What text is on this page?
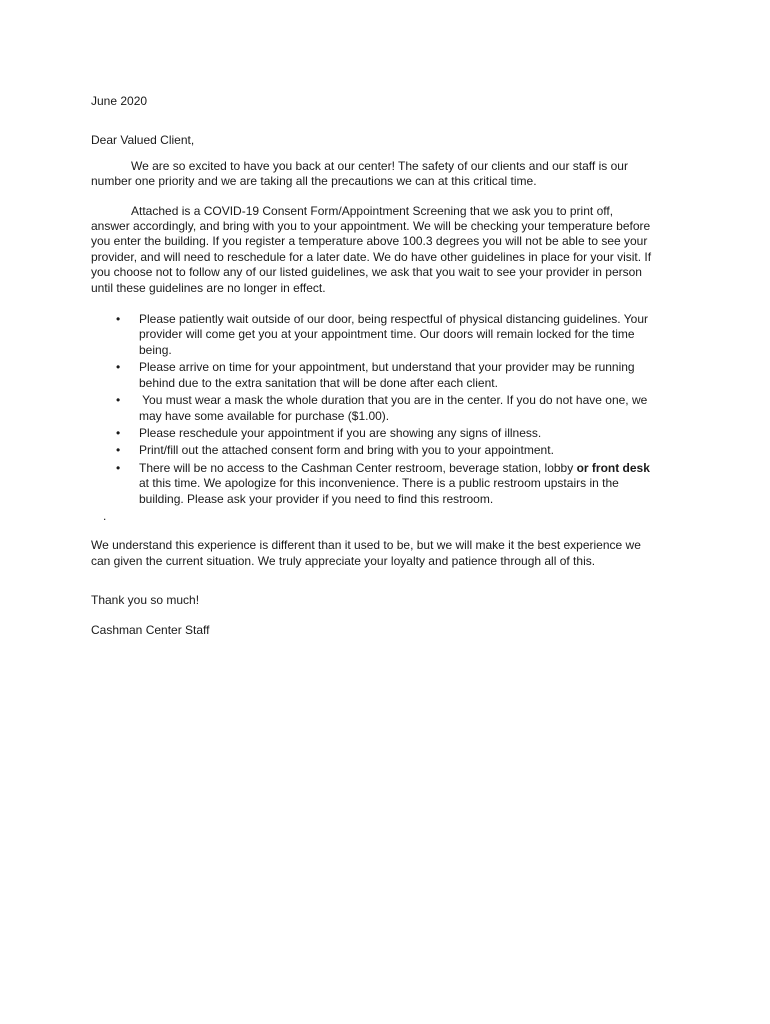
June 2020

Dear Valued Client,

We are so excited to have you back at our center! The safety of our clients and our staff is our
number one priority and we are taking all the precautions we can at this critical time.
Attached is a COVID-19 Consent Form/Appointment Screening that we ask you to print off,
answer accordingly, and bring with you to your appointment. We will be checking your temperature before
you enter the building. If you register a temperature above 100.3 degrees you will not be able to see your
provider, and will need to reschedule for a later date. We do have other guidelines in place for your visit. If
you choose not to follow any of our listed guidelines, we ask that you wait to see your provider in person
until these guidelines are no longer in effect.
• Please patiently wait outside of our door, being respectful of physical distancing guidelines. Your
provider will come get you at your appointment time. Our doors will remain locked for the time
being.
• Please arrive on time for your appointment, but understand that your provider may be running
behind due to the extra sanitation that will be done after each client.
• You must wear a mask the whole duration that you are in the center. If you do not have one, we
may have some available for purchase ($1.00).
• Please reschedule your appointment if you are showing any signs of illness.
• Print/fill out the attached consent form and bring with you to your appointment.
• There will be no access to the Cashman Center restroom, beverage station, lobby or front desk
at this time. We apologize for this inconvenience. There is a public restroom upstairs in the
building. Please ask your provider if you need to find this restroom.

.

We understand this experience is different than it used to be, but we will make it the best experience we
can given the current situation. We truly appreciate your loyalty and patience through all of this.

Thank you so much!

Cashman Center Staff
